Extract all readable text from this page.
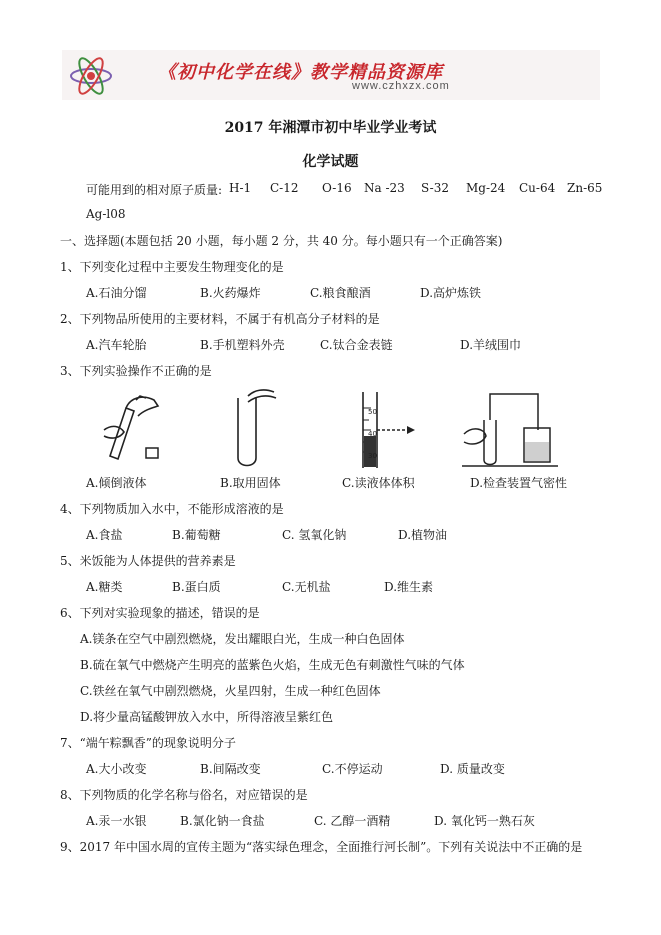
《初中化学在线》教学精品资源库
www.czhxzx.com
2017 年湘潭市初中毕业学业考试
化学试题
可能用到的相对原子质量: H-1 C-12 O-16 Na -23 S-32 Mg-24 Cu-64 Zn-65
Ag-l08
一、选择题(本题包括 20 小题，每小题 2 分，共 40 分。每小题只有一个正确答案)
1、下列变化过程中主要发生物理变化的是
A.石油分馏	B.火药爆炸	C.粮食酿酒	D.高炉炼铁
2、下列物品所使用的主要材料，不属于有机高分子材料的是
A.汽车轮胎	B.手机塑料外壳	C.钛合金表链	D.羊绒围巾
3、下列实验操作不正确的是
50
40
30
A.倾倒液体	B.取用固体	C.读液体体积	D.检查装置气密性
4、下列物质加入水中，不能形成溶液的是
A.食盐	B.葡萄糖	C. 氢氧化钠	D.植物油
5、米饭能为人体提供的营养素是
A.糖类	B.蛋白质	C.无机盐	D.维生素
6、下列对实验现象的描述，错误的是
A.镁条在空气中剧烈燃烧，发出耀眼白光，生成一种白色固体
B.硫在氧气中燃烧产生明亮的蓝紫色火焰，生成无色有刺激性气味的气体
C.铁丝在氧气中剧烈燃烧，火星四射，生成一种红色固体
D.将少量高锰酸钾放入水中，所得溶液呈紫红色
7、“端午粽飘香”的现象说明分子
A.大小改变	B.间隔改变	C.不停运动	D. 质量改变
8、下列物质的化学名称与俗名，对应错误的是
A.汞一水银	B.氯化钠一食盐	C. 乙醇一酒精	D. 氧化钙一熟石灰
9、2017 年中国水周的宣传主题为“落实绿色理念，全面推行河长制”。下列有关说法中不正确的是
